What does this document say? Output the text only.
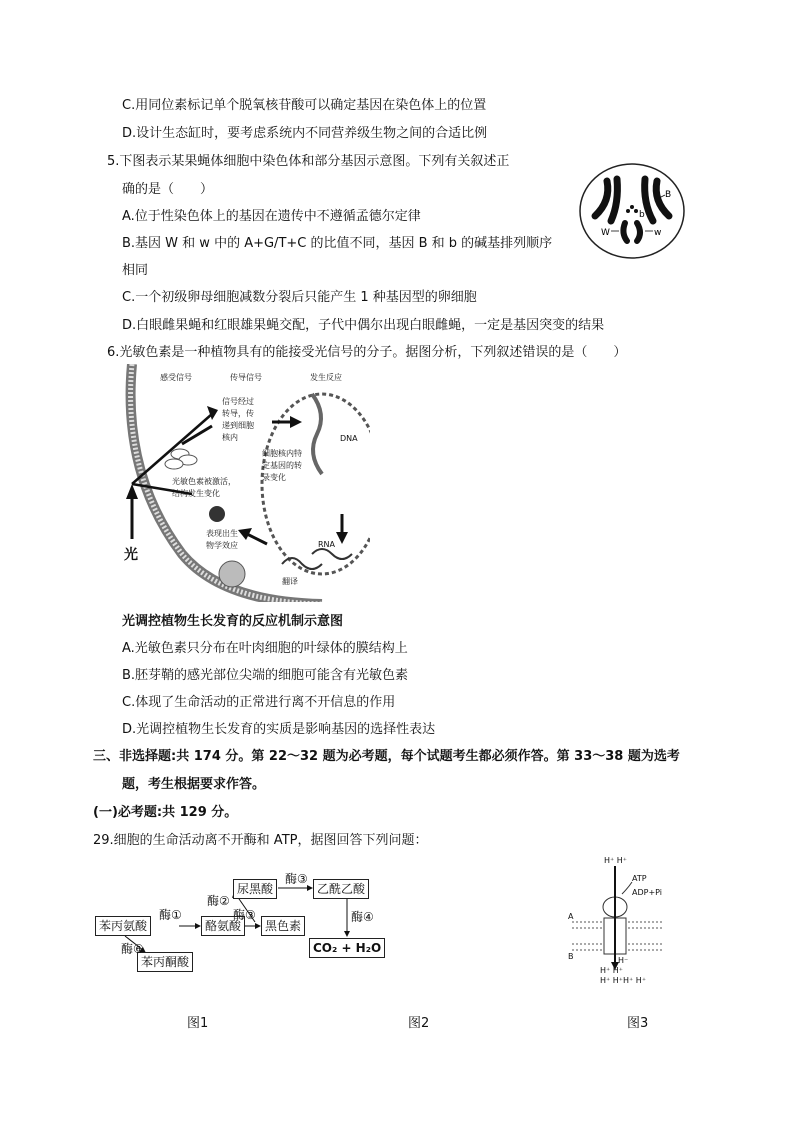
C.用同位素标记单个脱氧核苷酸可以确定基因在染色体上的位置
D.设计生态缸时，要考虑系统内不同营养级生物之间的合适比例
5.下图表示某果蝇体细胞中染色体和部分基因示意图。下列有关叙述正
确的是（　　）
A.位于性染色体上的基因在遗传中不遵循孟德尔定律
B.基因 W 和 w 中的 A+G/T+C 的比值不同，基因 B 和 b 的碱基排列顺序
相同
C.一个初级卵母细胞减数分裂后只能产生 1 种基因型的卵细胞
D.白眼雌果蝇和红眼雄果蝇交配，子代中偶尔出现白眼雌蝇，一定是基因突变的结果
B
b
W	w
6.光敏色素是一种植物具有的能接受光信号的分子。据图分析，下列叙述错误的是（　　）
感受信号	传导信号	发生反应
信号经过
转导，传
递到细胞
核内	DNA
细胞核内特
定基因的转
录变化
光敏色素被激活，
结构发生变化
表现出生
物学效应	RNA
翻译
光
光调控植物生长发育的反应机制示意图
A.光敏色素只分布在叶肉细胞的叶绿体的膜结构上
B.胚芽鞘的感光部位尖端的细胞可能含有光敏色素
C.体现了生命活动的正常进行离不开信息的作用
D.光调控植物生长发育的实质是影响基因的选择性表达
三、非选择题:共 174 分。第 22～32 题为必考题，每个试题考生都必须作答。第 33～38 题为选考
题，考生根据要求作答。
(一)必考题:共 129 分。
29.细胞的生命活动离不开酶和 ATP，据图回答下列问题：
苯丙氨酸	酪氨酸
尿黑酸	乙酰乙酸
黑色素
CO₂ + H₂O
苯丙酮酸
酶①
酶②
酶③
酶③
酶④
酶⑥
H⁺ H⁺
ATP
ADP+Pi
A
B	H⁻
H⁺ H⁺
H⁺ H⁺H⁺ H⁺
图1	图2	图3
